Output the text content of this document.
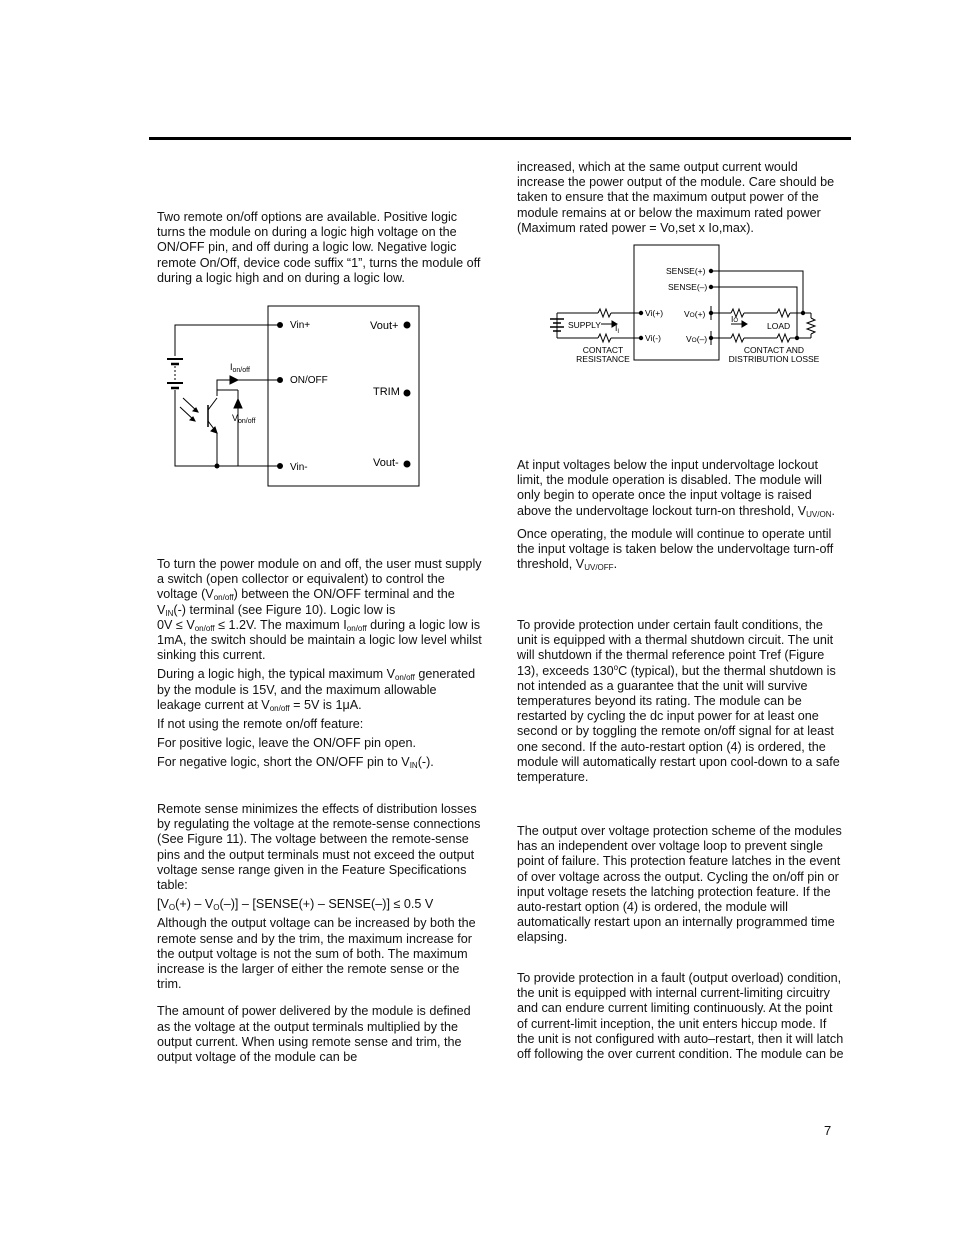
Two remote on/off options are available. Positive logic turns the module on during a logic high voltage on the ON/OFF pin, and off during a logic low. Negative logic remote On/Off, device code suffix “1”, turns the module off during a logic high and on during a logic low.

To turn the power module on and off, the user must supply a switch (open collector or equivalent) to control the voltage $(V_{on/off})$ between the ON/OFF terminal and the $V_{IN}(-)$ terminal (see Figure 10). Logic low is
$0V \le V_{on/off} \le 1.2V$. The maximum $I_{on/off}$ during a logic low is 1mA, the switch should be maintain a logic low level whilst sinking this current.

During a logic high, the typical maximum $V_{on/off}$ generated by the module is 15V, and the maximum allowable leakage current at $V_{on/off} = 5V$ is 1μA.

If not using the remote on/off feature:

For positive logic, leave the ON/OFF pin open.

For negative logic, short the ON/OFF pin to $V_{IN}(-)$.

Remote sense minimizes the effects of distribution losses by regulating the voltage at the remote-sense connections (See Figure 11). The voltage between the remote-sense pins and the output terminals must not exceed the output voltage sense range given in the Feature Specifications table:

$[V_O(+) - V_O(-)]$ – [SENSE(+) – SENSE(–)] ≤ 0.5 V

Although the output voltage can be increased by both the remote sense and by the trim, the maximum increase for the output voltage is not the sum of both. The maximum increase is the larger of either the remote sense or the trim.

The amount of power delivered by the module is defined as the voltage at the output terminals multiplied by the output current. When using remote sense and trim, the output voltage of the module can be

increased, which at the same output current would increase the power output of the module. Care should be taken to ensure that the maximum output power of the module remains at or below the maximum rated power (Maximum rated power = Vo,set x Io,max).

At input voltages below the input undervoltage lockout limit, the module operation is disabled. The module will only begin to operate once the input voltage is raised above the undervoltage lockout turn-on threshold, $V_{UV/ON}$.

Once operating, the module will continue to operate until the input voltage is taken below the undervoltage turn-off threshold, $V_{UV/OFF}$.

To provide protection under certain fault conditions, the unit is equipped with a thermal shutdown circuit. The unit will shutdown if the thermal reference point Tref (Figure 13), exceeds 130$^o$C (typical), but the thermal shutdown is not intended as a guarantee that the unit will survive temperatures beyond its rating. The module can be restarted by cycling the dc input power for at least one second or by toggling the remote on/off signal for at least one second. If the auto-restart option (4) is ordered, the module will automatically restart upon cool-down to a safe temperature.

The output over voltage protection scheme of the modules has an independent over voltage loop to prevent single point of failure. This protection feature latches in the event of over voltage across the output. Cycling the on/off pin or input voltage resets the latching protection feature. If the auto-restart option (4) is ordered, the module will automatically restart upon an internally programmed time elapsing.

To provide protection in a fault (output overload) condition, the unit is equipped with internal current-limiting circuitry and can endure current limiting continuously. At the point of current-limit inception, the unit enters hiccup mode. If the unit is not configured with auto–restart, then it will latch off following the over current condition. The module can be

Vin+
ON/OFF
Vin-
Vout+
TRIM
Vout-
$I_{on/off}$
$V_{on/off}$
SENSE(+)
SENSE(–)
Vi(+)
Vi(-)
VO(+)
VO(–)
SUPPLY $I_I$
IO	LOAD
CONTACT RESISTANCE
CONTACT AND DISTRIBUTION LOSSE
7
